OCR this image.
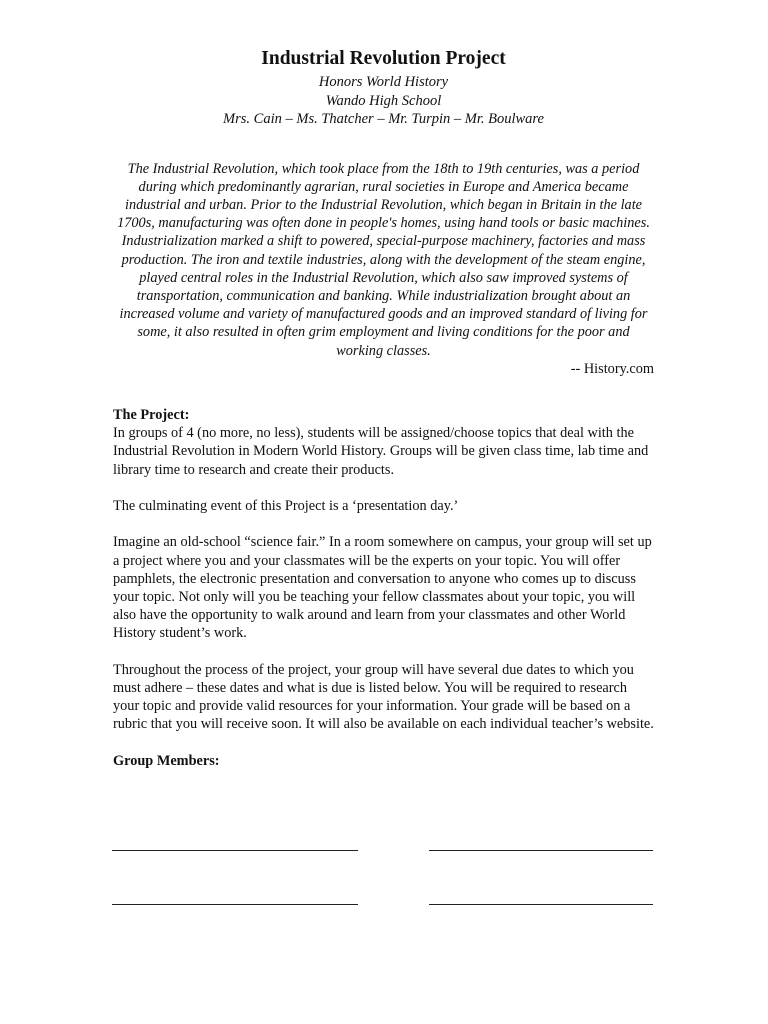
Industrial Revolution Project
Honors World History
Wando High School
Mrs. Cain – Ms. Thatcher – Mr. Turpin – Mr. Boulware
The Industrial Revolution, which took place from the 18th to 19th centuries, was a period during which predominantly agrarian, rural societies in Europe and America became industrial and urban. Prior to the Industrial Revolution, which began in Britain in the late 1700s, manufacturing was often done in people's homes, using hand tools or basic machines. Industrialization marked a shift to powered, special-purpose machinery, factories and mass production. The iron and textile industries, along with the development of the steam engine, played central roles in the Industrial Revolution, which also saw improved systems of transportation, communication and banking. While industrialization brought about an increased volume and variety of manufactured goods and an improved standard of living for some, it also resulted in often grim employment and living conditions for the poor and working classes.
-- History.com
The Project:
In groups of 4 (no more, no less), students will be assigned/choose topics that deal with the Industrial Revolution in Modern World History. Groups will be given class time, lab time and library time to research and create their products.
The culminating event of this Project is a ‘presentation day.’
Imagine an old-school “science fair.” In a room somewhere on campus, your group will set up a project where you and your classmates will be the experts on your topic. You will offer pamphlets, the electronic presentation and conversation to anyone who comes up to discuss your topic. Not only will you be teaching your fellow classmates about your topic, you will also have the opportunity to walk around and learn from your classmates and other World History student’s work.
Throughout the process of the project, your group will have several due dates to which you must adhere – these dates and what is due is listed below. You will be required to research your topic and provide valid resources for your information. Your grade will be based on a rubric that you will receive soon. It will also be available on each individual teacher’s website.
Group Members:
